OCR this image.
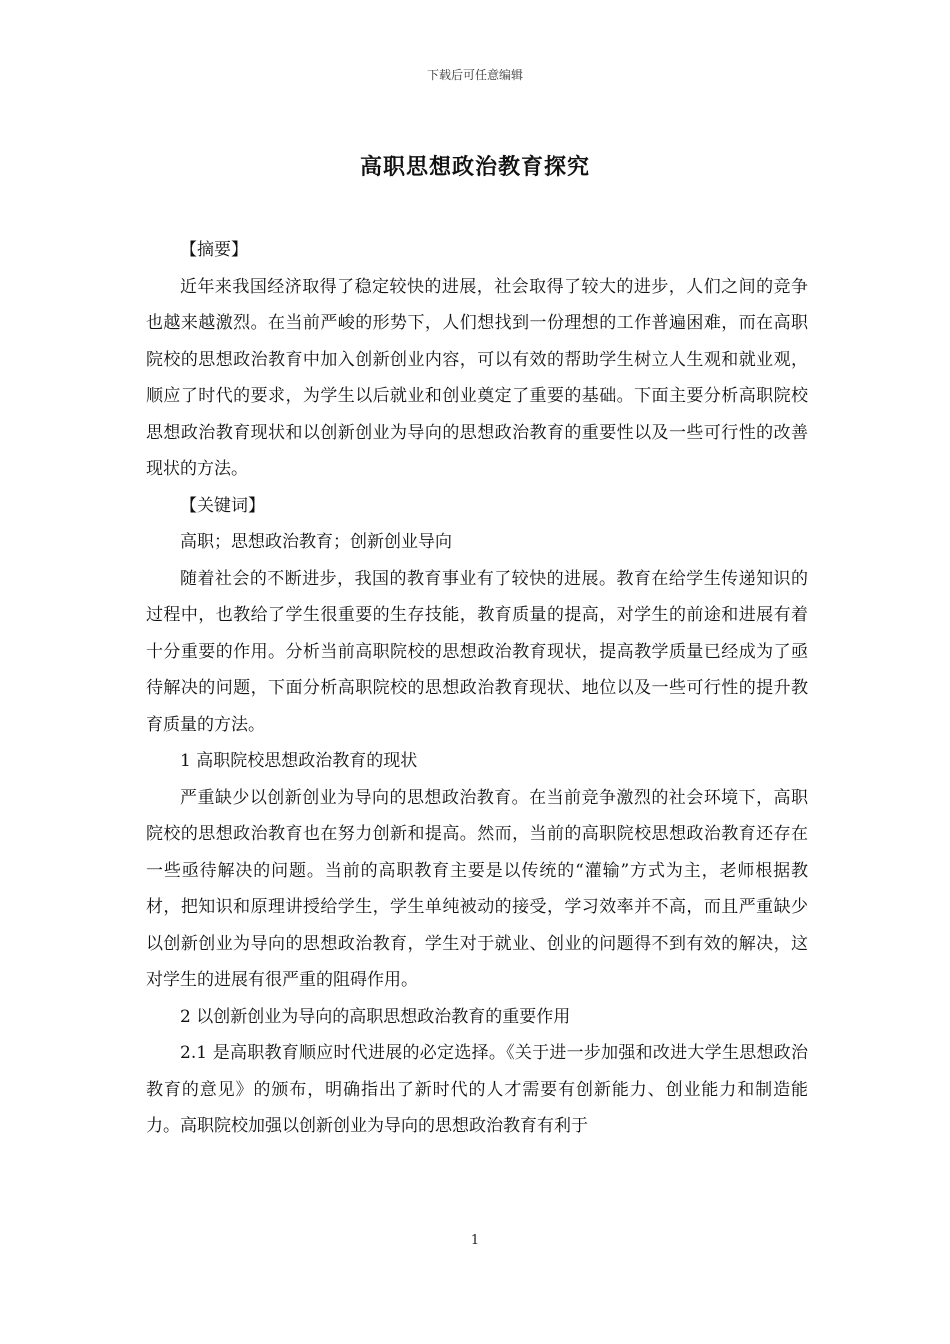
下载后可任意编辑
高职思想政治教育探究

【摘要】

近年来我国经济取得了稳定较快的进展，社会取得了较大的进步，人们之间的竞争也越来越激烈。在当前严峻的形势下，人们想找到一份理想的工作普遍困难，而在高职院校的思想政治教育中加入创新创业内容，可以有效的帮助学生树立人生观和就业观，顺应了时代的要求，为学生以后就业和创业奠定了重要的基础。下面主要分析高职院校思想政治教育现状和以创新创业为导向的思想政治教育的重要性以及一些可行性的改善现状的方法。

【关键词】

高职；思想政治教育；创新创业导向

随着社会的不断进步，我国的教育事业有了较快的进展。教育在给学生传递知识的过程中，也教给了学生很重要的生存技能，教育质量的提高，对学生的前途和进展有着十分重要的作用。分析当前高职院校的思想政治教育现状，提高教学质量已经成为了亟待解决的问题，下面分析高职院校的思想政治教育现状、地位以及一些可行性的提升教育质量的方法。

1 高职院校思想政治教育的现状

严重缺少以创新创业为导向的思想政治教育。在当前竞争激烈的社会环境下，高职院校的思想政治教育也在努力创新和提高。然而，当前的高职院校思想政治教育还存在一些亟待解决的问题。当前的高职教育主要是以传统的“灌输”方式为主，老师根据教材，把知识和原理讲授给学生，学生单纯被动的接受，学习效率并不高，而且严重缺少以创新创业为导向的思想政治教育，学生对于就业、创业的问题得不到有效的解决，这对学生的进展有很严重的阻碍作用。

2 以创新创业为导向的高职思想政治教育的重要作用

2.1 是高职教育顺应时代进展的必定选择。《关于进一步加强和改进大学生思想政治教育的意见》的颁布，明确指出了新时代的人才需要有创新能力、创业能力和制造能力。高职院校加强以创新创业为导向的思想政治教育有利于

1
